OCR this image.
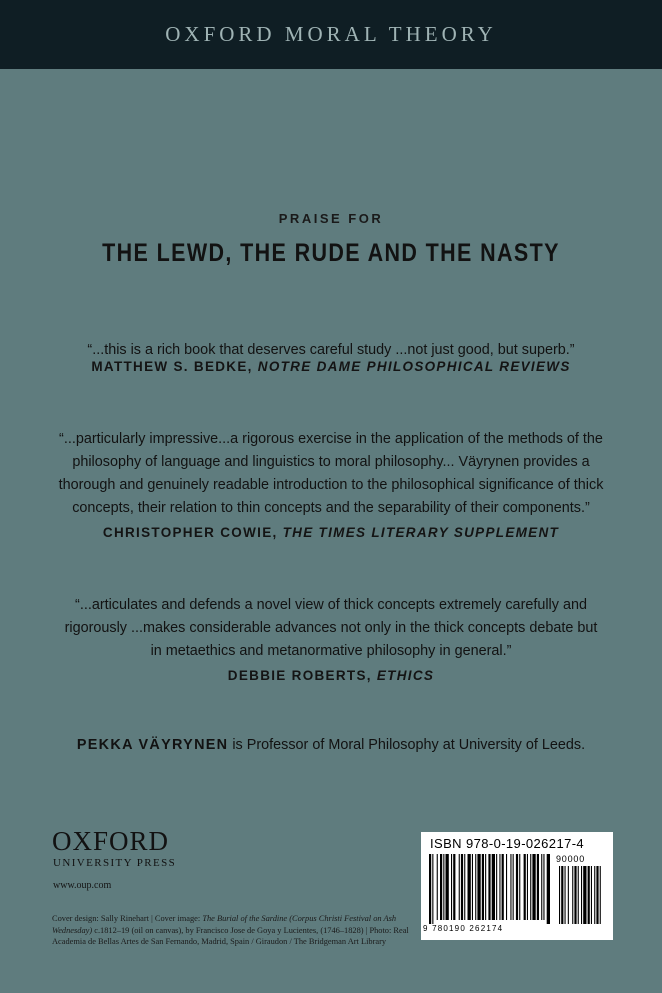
OXFORD MORAL THEORY
PRAISE FOR
THE LEWD, THE RUDE AND THE NASTY
“...this is a rich book that deserves careful study ...not just good, but superb.”
MATTHEW S. BEDKE, NOTRE DAME PHILOSOPHICAL REVIEWS
“...particularly impressive...a rigorous exercise in the application of the methods of the philosophy of language and linguistics to moral philosophy... Väyrynen provides a thorough and genuinely readable introduction to the philosophical significance of thick concepts, their relation to thin concepts and the separability of their components.”
CHRISTOPHER COWIE, THE TIMES LITERARY SUPPLEMENT
“...articulates and defends a novel view of thick concepts extremely carefully and rigorously ...makes considerable advances not only in the thick concepts debate but in metaethics and metanormative philosophy in general.”
DEBBIE ROBERTS, ETHICS
PEKKA VÄYRYNEN is Professor of Moral Philosophy at University of Leeds.
OXFORD
UNIVERSITY PRESS
www.oup.com
Cover design: Sally Rinehart | Cover image: The Burial of the Sardine (Corpus Christi Festival on Ash Wednesday) c.1812–19 (oil on canvas), by Francisco Jose de Goya y Lucientes, (1746–1828) | Photo: Real Academia de Bellas Artes de San Fernando, Madrid, Spain / Giraudon / The Bridgeman Art Library
ISBN 978-0-19-026217-4
90000
9 780190 262174
